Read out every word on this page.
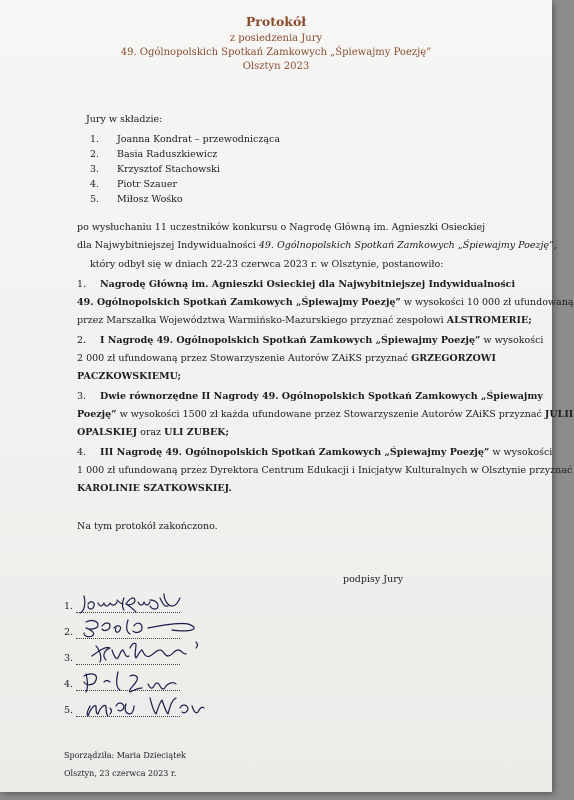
Protokół
z posiedzenia Jury
49. Ogólnopolskich Spotkań Zamkowych „Śpiewajmy Poezję”
Olsztyn 2023
Jury w składzie:
1.	Joanna Kondrat – przewodnicząca
2.	Basia Raduszkiewicz
3.	Krzysztof Stachowski
4.	Piotr Szauer
5.	Miłosz Wośko
po wysłuchaniu 11 uczestników konkursu o Nagrodę Główną im. Agnieszki Osieckiej
dla Najwybitniejszej Indywidualności 49. Ogólnopolskich Spotkań Zamkowych „Śpiewajmy Poezję”,
który odbył się w dniach 22-23 czerwca 2023 r. w Olsztynie, postanowiło:
1. Nagrodę Główną im. Agnieszki Osieckiej dla Najwybitniejszej Indywidualności
49. Ogólnopolskich Spotkań Zamkowych „Śpiewajmy Poezję” w wysokości 10 000 zł ufundowaną
przez Marszałka Województwa Warmińsko-Mazurskiego przyznać zespołowi ALSTROMERIE;
2. I Nagrodę 49. Ogólnopolskich Spotkań Zamkowych „Śpiewajmy Poezję” w wysokości
2 000 zł ufundowaną przez Stowarzyszenie Autorów ZAiKS przyznać GRZEGORZOWI
PACZKOWSKIEMU;
3. Dwie równorzędne II Nagrody 49. Ogólnopolskich Spotkań Zamkowych „Śpiewajmy
Poezję” w wysokości 1500 zł każda ufundowane przez Stowarzyszenie Autorów ZAiKS przyznać JULII
OPALSKIEJ oraz ULI ZUBEK;
4. III Nagrodę 49. Ogólnopolskich Spotkań Zamkowych „Śpiewajmy Poezję” w wysokości
1 000 zł ufundowaną przez Dyrektora Centrum Edukacji i Inicjatyw Kulturalnych w Olsztynie przyznać
KAROLINIE SZATKOWSKIEJ.
Na tym protokół zakończono.
podpisy Jury
1.
2.
3.
4.
5.
Sporządziła: Maria Dzieciątek
Olsztyn, 23 czerwca 2023 r.
